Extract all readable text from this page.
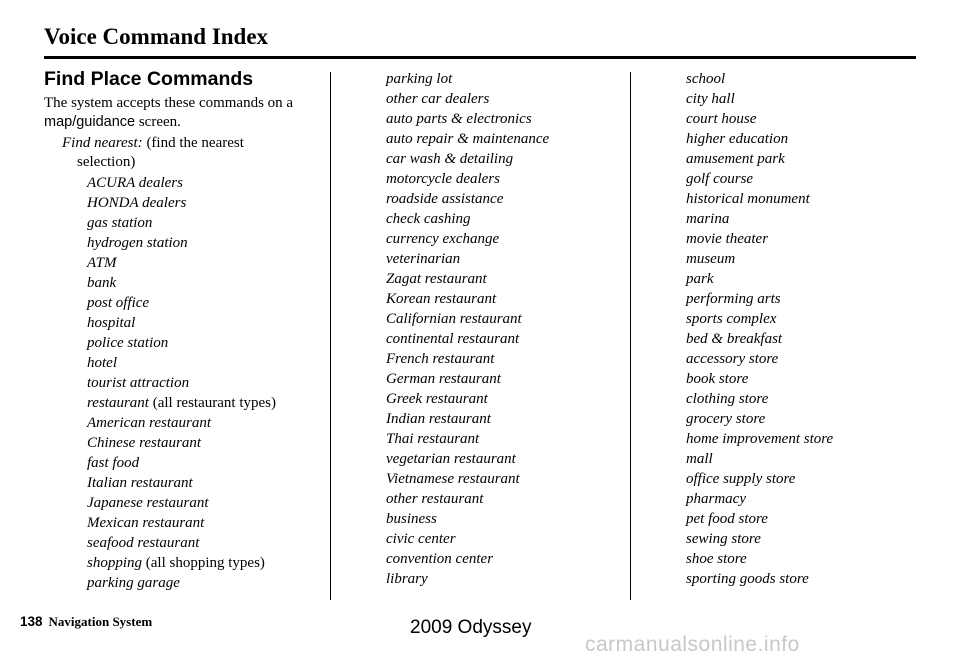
Voice Command Index
Find Place Commands

The system accepts these commands on a map/guidance screen.

Find nearest: (find the nearest
selection)

ACURA dealers
HONDA dealers
gas station
hydrogen station
ATM
bank
post office
hospital
police station
hotel
tourist attraction
restaurant (all restaurant types)
American restaurant
Chinese restaurant
fast food
Italian restaurant
Japanese restaurant
Mexican restaurant
seafood restaurant
shopping (all shopping types)
parking garage
parking lot
other car dealers
auto parts & electronics
auto repair & maintenance
car wash & detailing
motorcycle dealers
roadside assistance
check cashing
currency exchange
veterinarian
Zagat restaurant
Korean restaurant
Californian restaurant
continental restaurant
French restaurant
German restaurant
Greek restaurant
Indian restaurant
Thai restaurant
vegetarian restaurant
Vietnamese restaurant
other restaurant
business
civic center
convention center
library
school
city hall
court house
higher education
amusement park
golf course
historical monument
marina
movie theater
museum
park
performing arts
sports complex
bed & breakfast
accessory store
book store
clothing store
grocery store
home improvement store
mall
office supply store
pharmacy
pet food store
sewing store
shoe store
sporting goods store
138 Navigation System	2009 Odyssey
carmanualsonline.info
